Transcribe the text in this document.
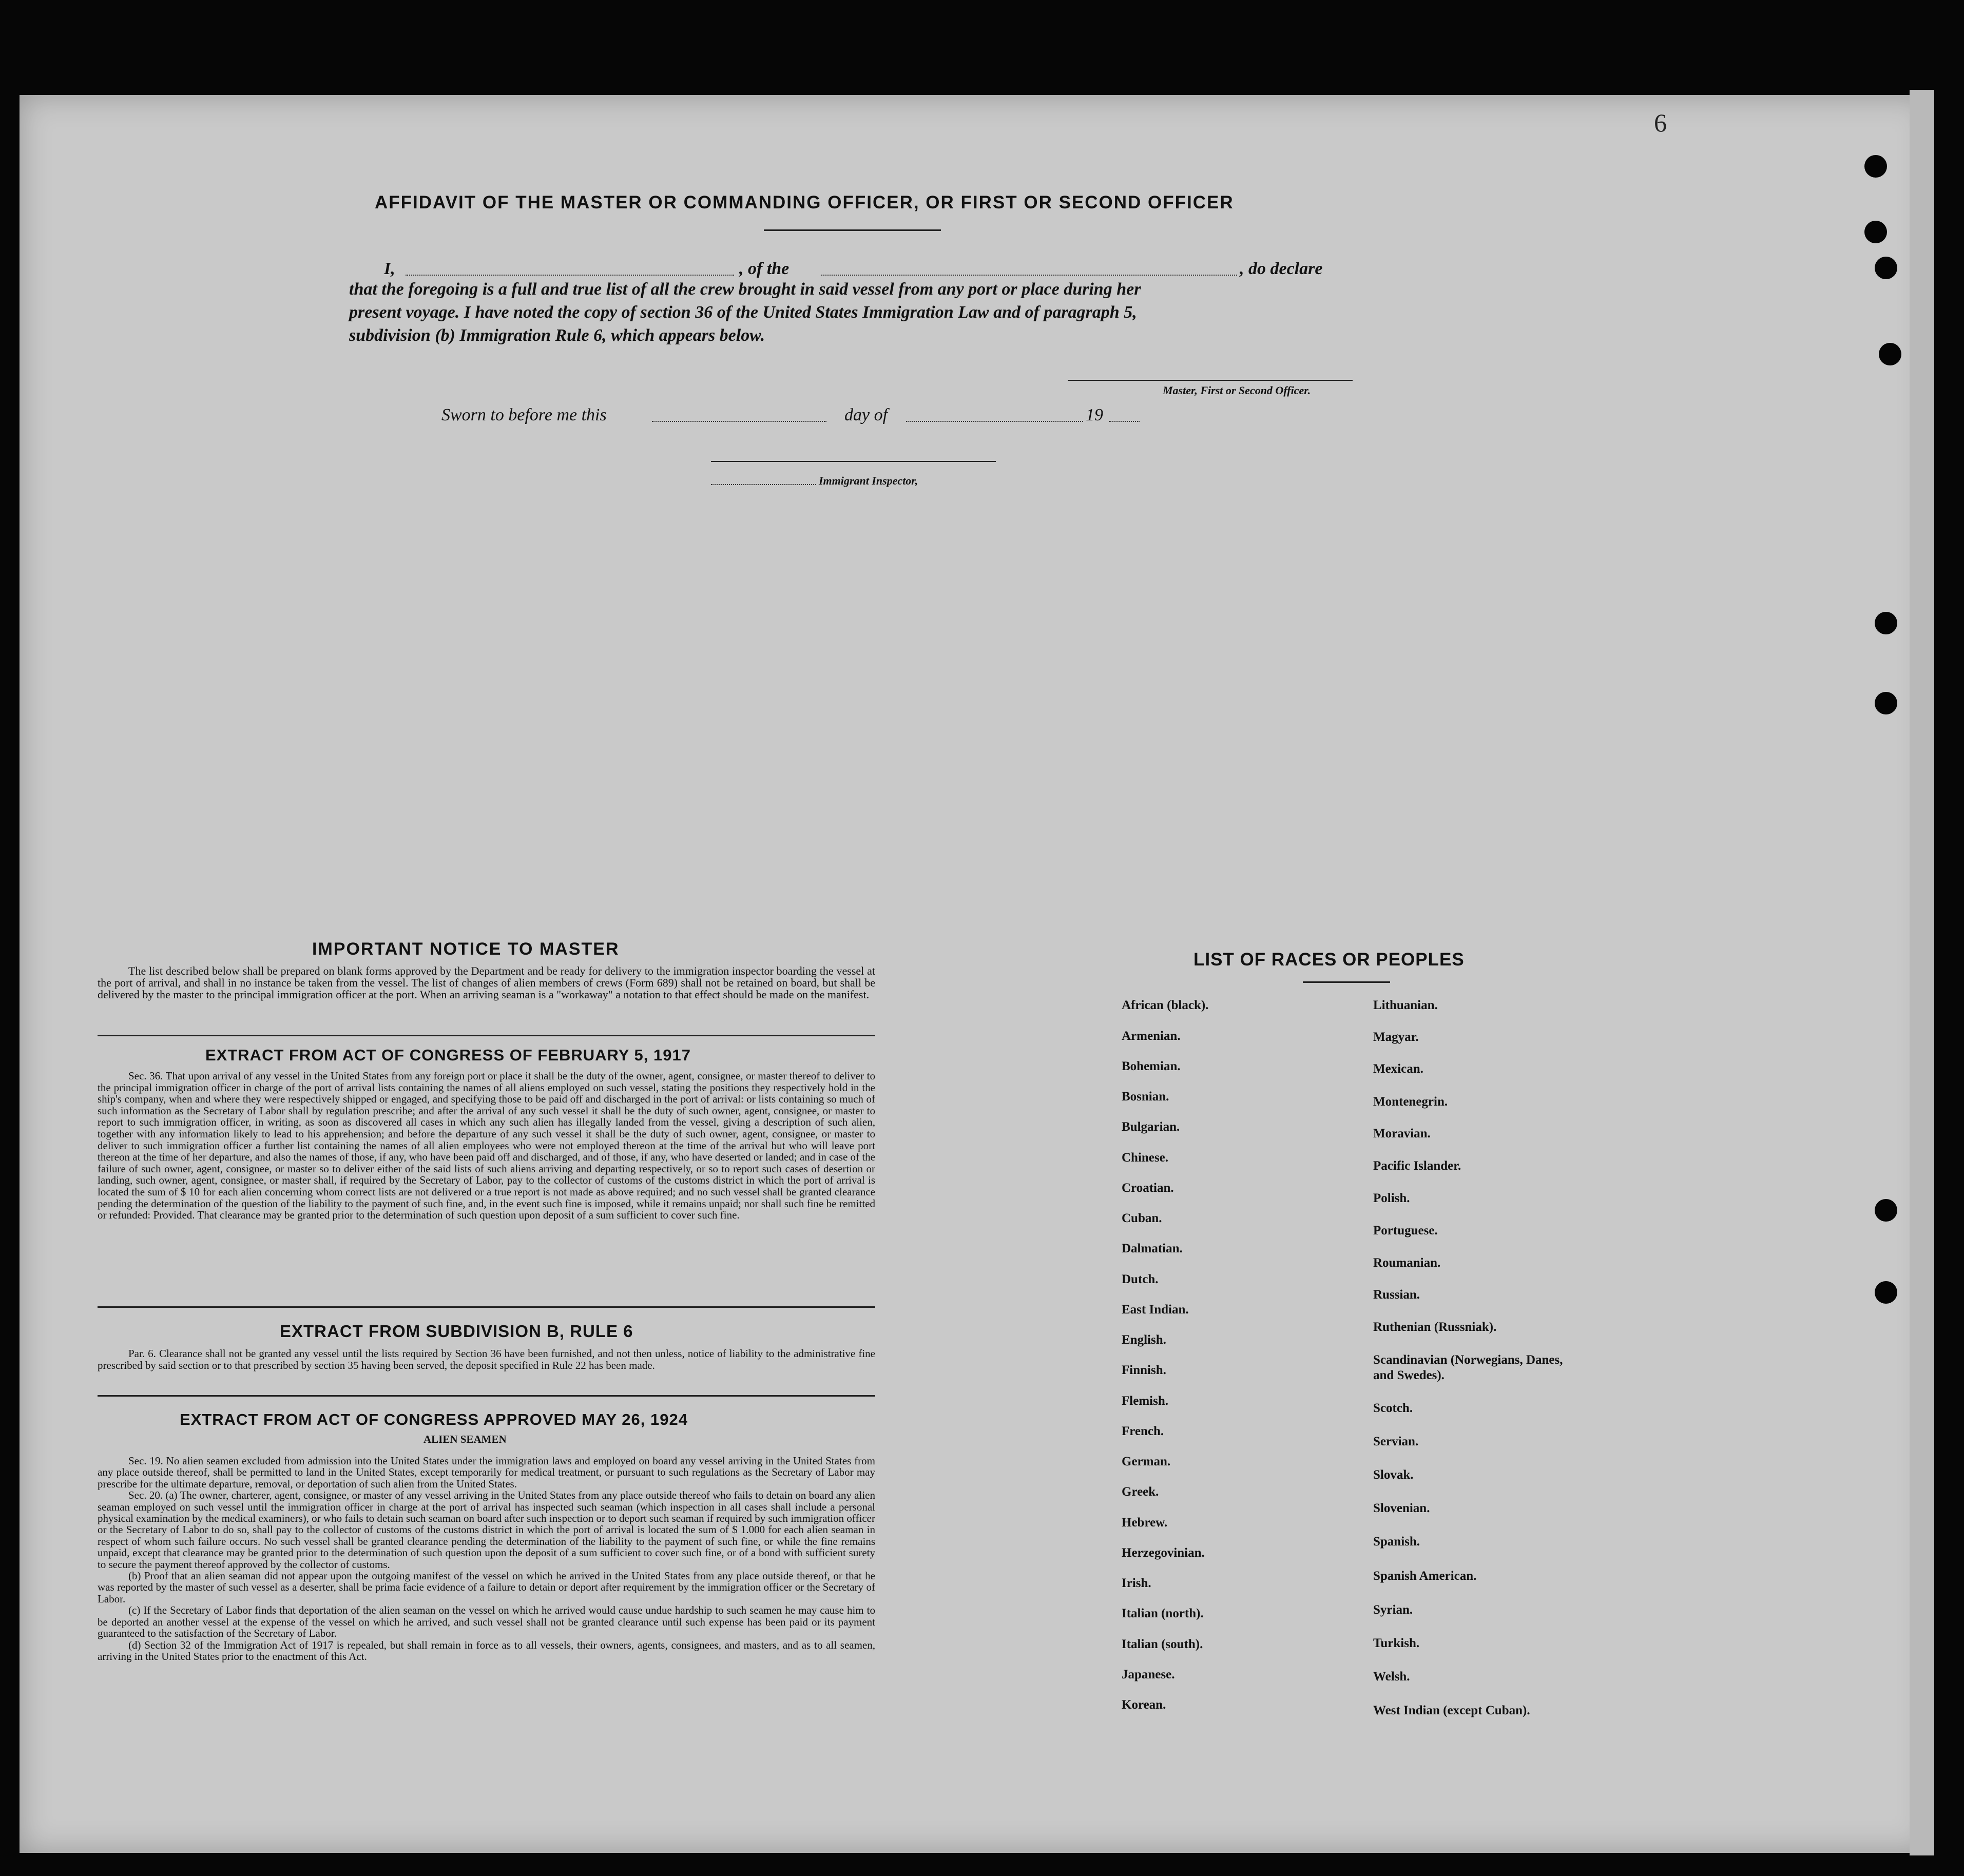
6
AFFIDAVIT OF THE MASTER OR COMMANDING OFFICER, OR FIRST OR SECOND OFFICER
I,	, of the	, do declare
that the foregoing is a full and true list of all the crew brought in said vessel from any port or place during her
present voyage. I have noted the copy of section 36 of the United States Immigration Law and of paragraph 5,
subdivision (b) Immigration Rule 6, which appears below.
Master, First or Second Officer.
Sworn to before me this	day of	19
Immigrant Inspector,
IMPORTANT NOTICE TO MASTER
The list described below shall be prepared on blank forms approved by the Department and be ready for delivery to the immigration inspector boarding the vessel at the port of arrival, and shall in no instance be taken from the vessel. The list of changes of alien members of crews (Form 689) shall not be retained on board, but shall be delivered by the master to the principal immigration officer at the port. When an arriving seaman is a "workaway" a notation to that effect should be made on the manifest.
EXTRACT FROM ACT OF CONGRESS OF FEBRUARY 5, 1917
Sec. 36. That upon arrival of any vessel in the United States from any foreign port or place it shall be the duty of the owner, agent, consignee, or master thereof to deliver to the principal immigration officer in charge of the port of arrival lists containing the names of all aliens employed on such vessel, stating the positions they respectively hold in the ship's company, when and where they were respectively shipped or engaged, and specifying those to be paid off and discharged in the port of arrival: or lists containing so much of such information as the Secretary of Labor shall by regulation prescribe; and after the arrival of any such vessel it shall be the duty of such owner, agent, consignee, or master to report to such immigration officer, in writing, as soon as discovered all cases in which any such alien has illegally landed from the vessel, giving a description of such alien, together with any information likely to lead to his apprehension; and before the departure of any such vessel it shall be the duty of such owner, agent, consignee, or master to deliver to such immigration officer a further list containing the names of all alien employees who were not employed thereon at the time of the arrival but who will leave port thereon at the time of her departure, and also the names of those, if any, who have been paid off and discharged, and of those, if any, who have deserted or landed; and in case of the failure of such owner, agent, consignee, or master so to deliver either of the said lists of such aliens arriving and departing respectively, or so to report such cases of desertion or landing, such owner, agent, consignee, or master shall, if required by the Secretary of Labor, pay to the collector of customs of the customs district in which the port of arrival is located the sum of $ 10 for each alien concerning whom correct lists are not delivered or a true report is not made as above required; and no such vessel shall be granted clearance pending the determination of the question of the liability to the payment of such fine, and, in the event such fine is imposed, while it remains unpaid; nor shall such fine be remitted or refunded: Provided. That clearance may be granted prior to the determination of such question upon deposit of a sum sufficient to cover such fine.
EXTRACT FROM SUBDIVISION B, RULE 6
Par. 6. Clearance shall not be granted any vessel until the lists required by Section 36 have been furnished, and not then unless, notice of liability to the administrative fine prescribed by said section or to that prescribed by section 35 having been served, the deposit specified in Rule 22 has been made.
EXTRACT FROM ACT OF CONGRESS APPROVED MAY 26, 1924
ALIEN SEAMEN
Sec. 19. No alien seamen excluded from admission into the United States under the immigration laws and employed on board any vessel arriving in the United States from any place outside thereof, shall be permitted to land in the United States, except temporarily for medical treatment, or pursuant to such regulations as the Secretary of Labor may prescribe for the ultimate departure, removal, or deportation of such alien from the United States.
Sec. 20. (a) The owner, charterer, agent, consignee, or master of any vessel arriving in the United States from any place outside thereof who fails to detain on board any alien seaman employed on such vessel until the immigration officer in charge at the port of arrival has inspected such seaman (which inspection in all cases shall include a personal physical examination by the medical examiners), or who fails to detain such seaman on board after such inspection or to deport such seaman if required by such immigration officer or the Secretary of Labor to do so, shall pay to the collector of customs of the customs district in which the port of arrival is located the sum of $ 1.000 for each alien seaman in respect of whom such failure occurs. No such vessel shall be granted clearance pending the determination of the liability to the payment of such fine, or while the fine remains unpaid, except that clearance may be granted prior to the determination of such question upon the deposit of a sum sufficient to cover such fine, or of a bond with sufficient surety to secure the payment thereof approved by the collector of customs.
(b) Proof that an alien seaman did not appear upon the outgoing manifest of the vessel on which he arrived in the United States from any place outside thereof, or that he was reported by the master of such vessel as a deserter, shall be prima facie evidence of a failure to detain or deport after requirement by the immigration officer or the Secretary of Labor.
(c) If the Secretary of Labor finds that deportation of the alien seaman on the vessel on which he arrived would cause undue hardship to such seamen he may cause him to be deported an another vessel at the expense of the vessel on which he arrived, and such vessel shall not be granted clearance until such expense has been paid or its payment guaranteed to the satisfaction of the Secretary of Labor.
(d) Section 32 of the Immigration Act of 1917 is repealed, but shall remain in force as to all vessels, their owners, agents, consignees, and masters, and as to all seamen, arriving in the United States prior to the enactment of this Act.
LIST OF RACES OR PEOPLES
African (black).
Armenian.
Bohemian.
Bosnian.
Bulgarian.
Chinese.
Croatian.
Cuban.
Dalmatian.
Dutch.
East Indian.
English.
Finnish.
Flemish.
French.
German.
Greek.
Hebrew.
Herzegovinian.
Irish.
Italian (north).
Italian (south).
Japanese.
Korean.
Lithuanian.
Magyar.
Mexican.
Montenegrin.
Moravian.
Pacific Islander.
Polish.
Portuguese.
Roumanian.
Russian.
Ruthenian (Russniak).
Scandinavian (Norwegians, Danes, and Swedes).
Scotch.
Servian.
Slovak.
Slovenian.
Spanish.
Spanish American.
Syrian.
Turkish.
Welsh.
West Indian (except Cuban).
